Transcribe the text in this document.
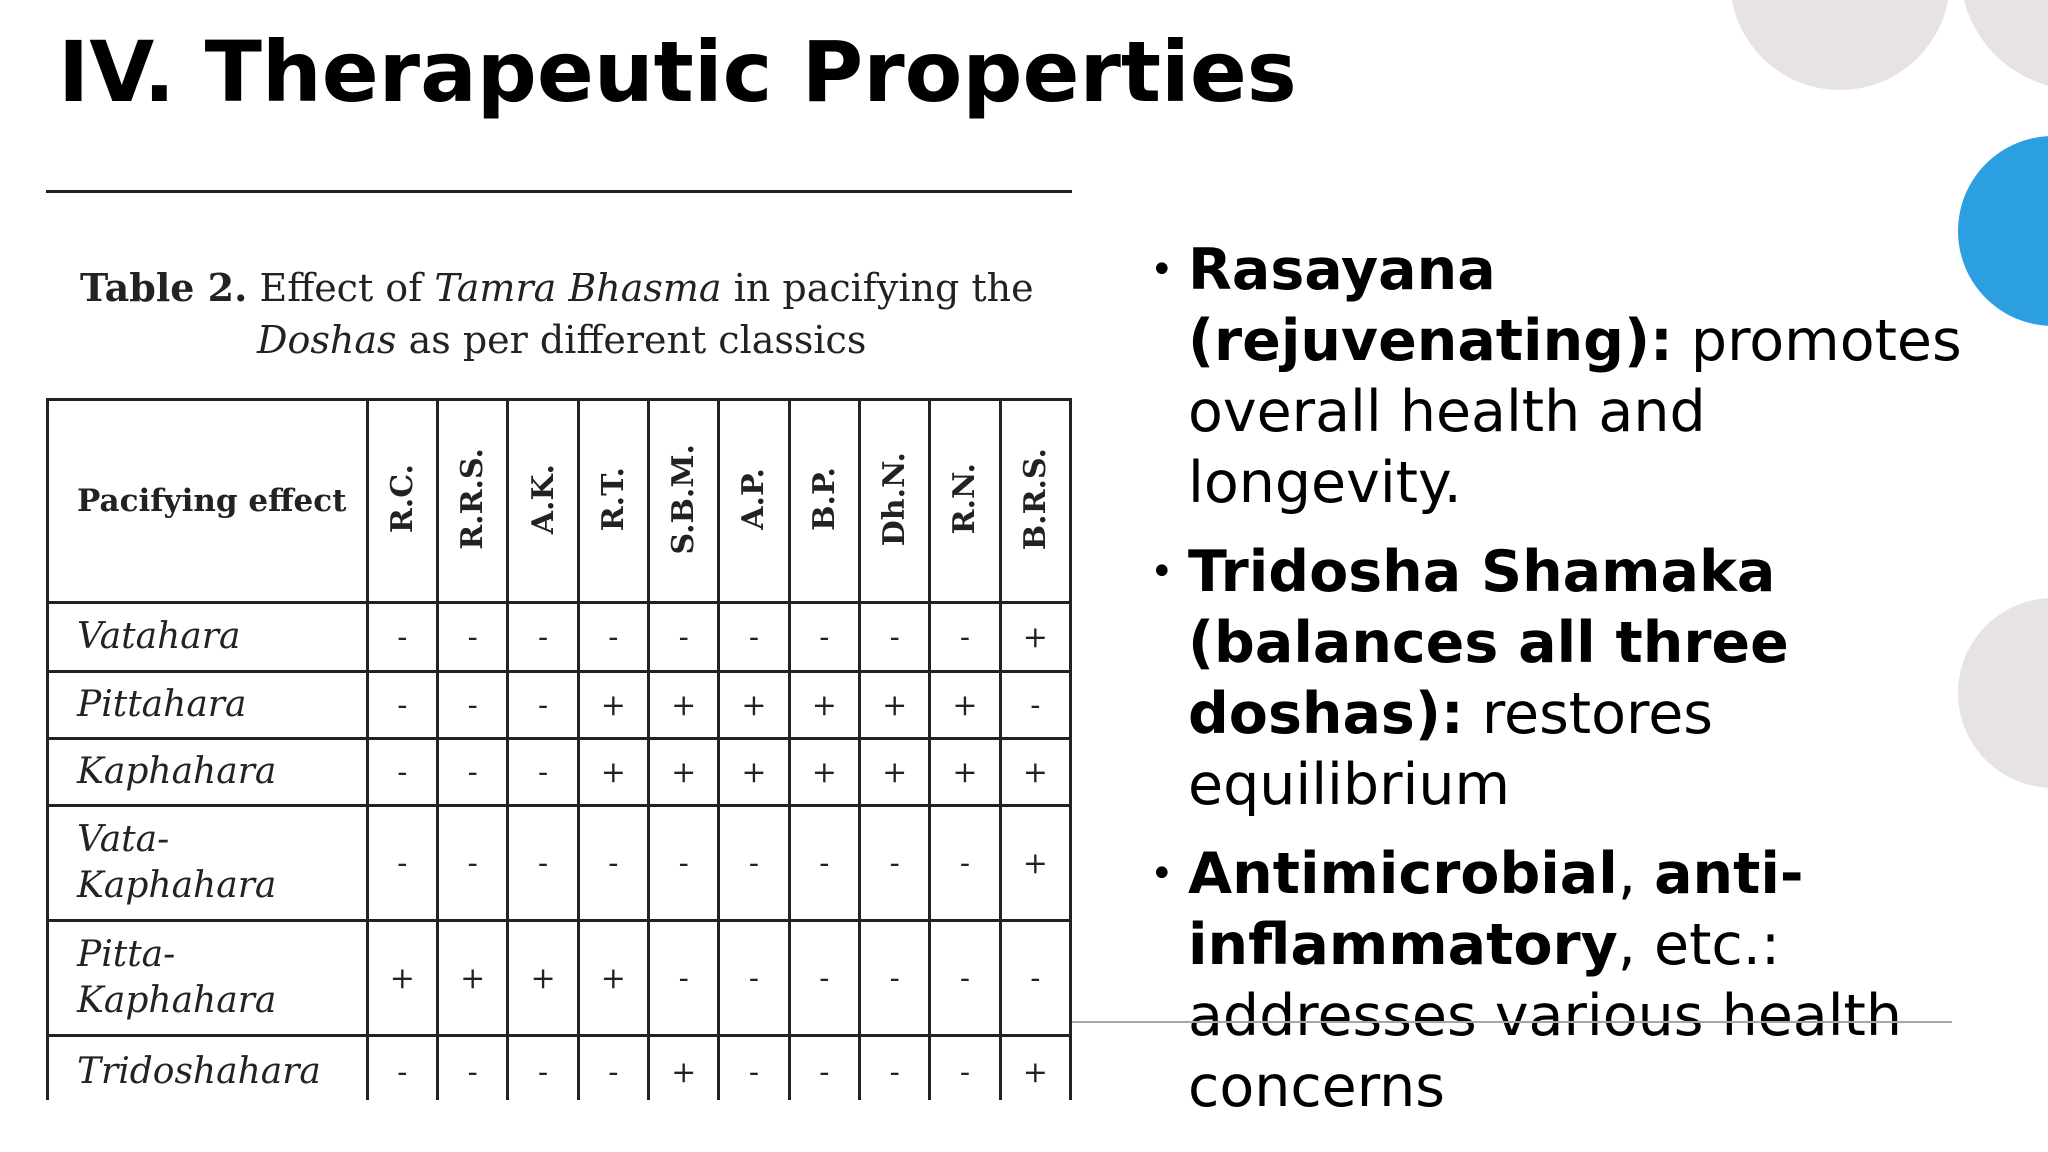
IV. Therapeutic Properties
Table 2. Effect of Tamra Bhasma in pacifying the
Doshas as per different classics
Pacifying effect	R.C.	R.R.S.	A.K.	R.T.	S.B.M.	A.P.	B.P.	Dh.N.	R.N.	B.R.S.
Vatahara	-	-	-	-	-	-	-	-	-	+
Pittahara	-	-	-	+	+	+	+	+	+	-
Kaphahara	-	-	-	+	+	+	+	+	+	+
Vata-
Kaphahara	-	-	-	-	-	-	-	-	-	+
Pitta-
Kaphahara	+	+	+	+	-	-	-	-	-	-
Tridoshahara	-	-	-	-	+	-	-	-	-	+
• Rasayana (rejuvenating): promotes overall health and longevity.
• Tridosha Shamaka (balances all three doshas): restores equilibrium
• Antimicrobial, anti-inflammatory, etc.: addresses various health concerns
